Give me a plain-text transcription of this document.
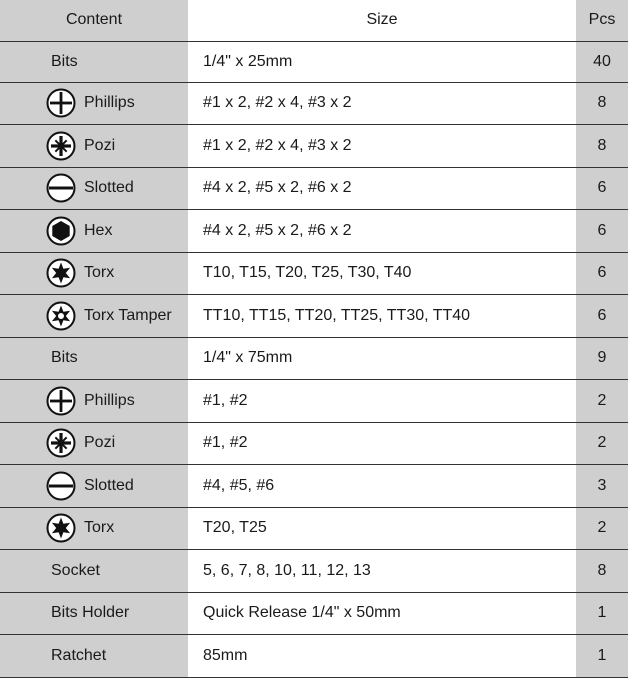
Content	Size	Pcs

Bits	1/4" x 25mm	40

Phillips	#1 x 2, #2 x 4, #3 x 2	8

Pozi	#1 x 2, #2 x 4, #3 x 2	8

Slotted	#4 x 2, #5 x 2, #6 x 2	6

Hex	#4 x 2, #5 x 2, #6 x 2	6

Torx	T10, T15, T20, T25, T30, T40	6

Torx Tamper	TT10, TT15, TT20, TT25, TT30, TT40	6

Bits	1/4" x 75mm	9

Phillips	#1, #2	2

Pozi	#1, #2	2

Slotted	#4, #5, #6	3

Torx	T20, T25	2

Socket	5, 6, 7, 8, 10, 11, 12, 13	8

Bits Holder	Quick Release 1/4" x 50mm	1

Ratchet	85mm	1
